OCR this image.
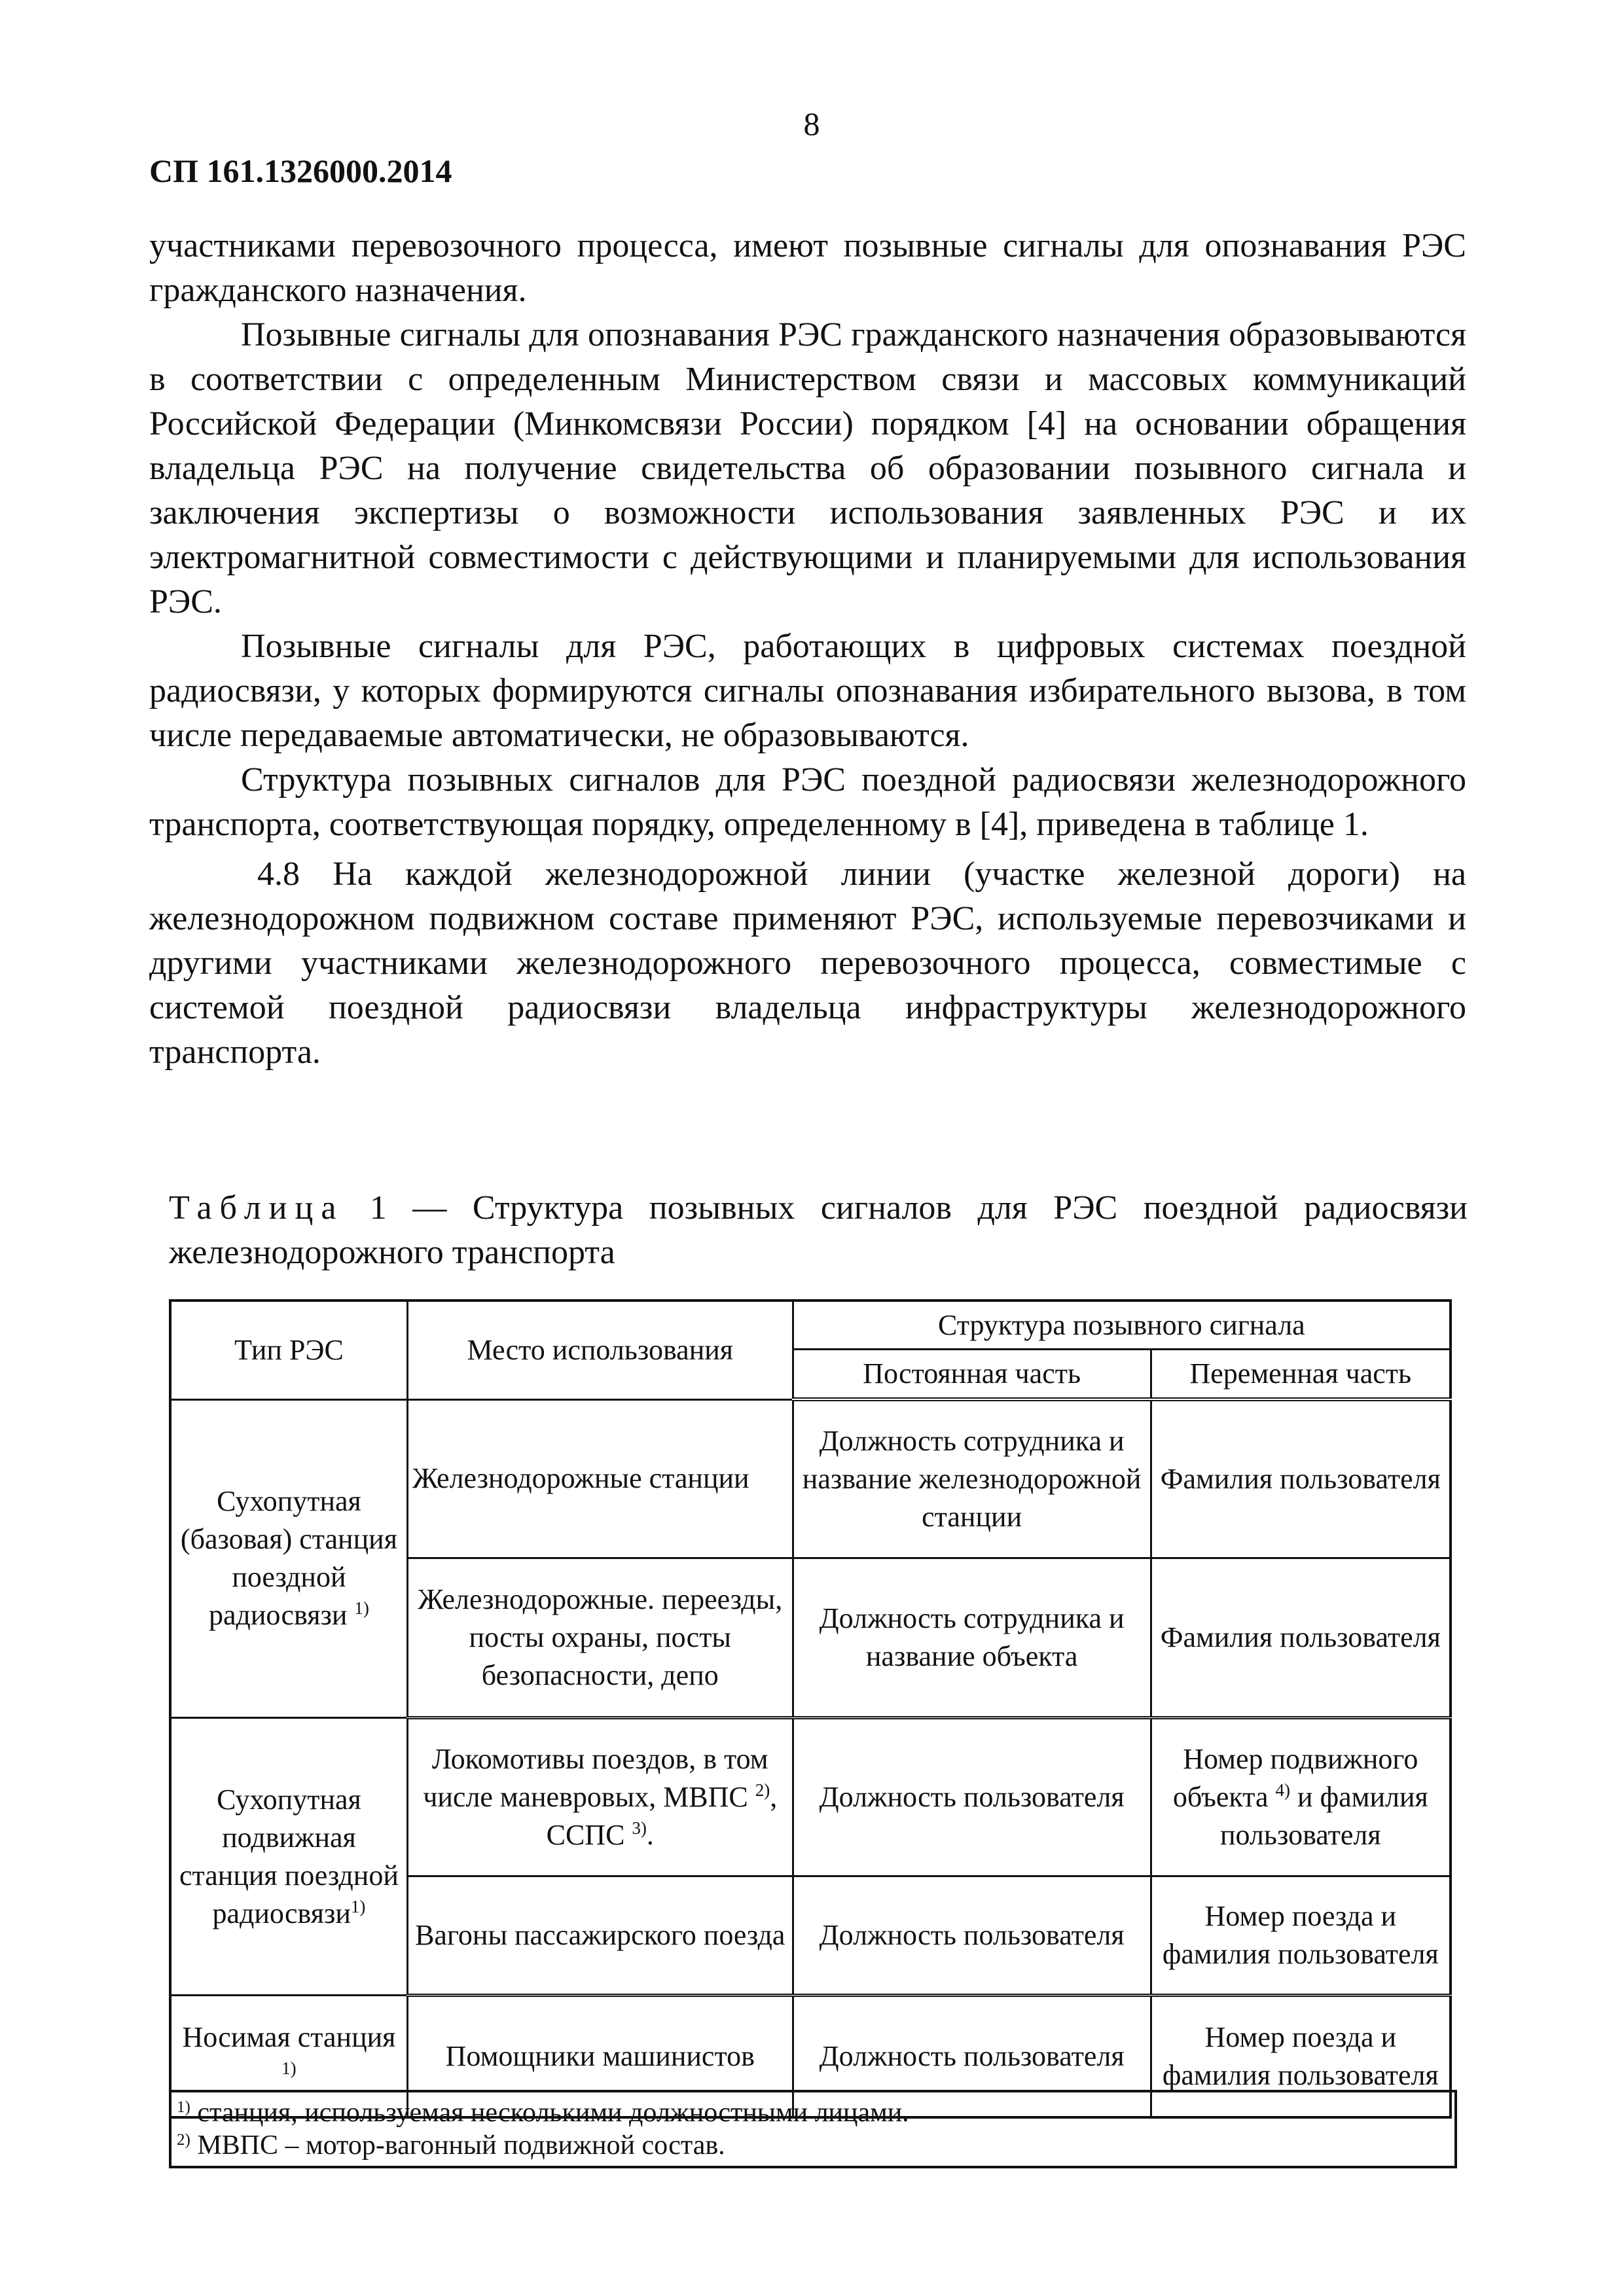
8
СП 161.1326000.2014

участниками перевозочного процесса, имеют позывные сигналы для опознавания РЭС гражданского назначения.

Позывные сигналы для опознавания РЭС гражданского назначения образовываются в соответствии с определенным Министерством связи и массовых коммуникаций Российской Федерации (Минкомсвязи России) порядком [4] на основании обращения владельца РЭС на получение свидетельства об образовании позывного сигнала и заключения экспертизы о возможности использования заявленных РЭС и их электромагнитной совместимости с действующими и планируемыми для использования РЭС.

Позывные сигналы для РЭС, работающих в цифровых системах поездной радиосвязи, у которых формируются сигналы опознавания избирательного вызова, в том числе передаваемые автоматически, не образовываются.

Структура позывных сигналов для РЭС поездной радиосвязи железнодорожного транспорта, соответствующая порядку, определенному в [4], приведена в таблице 1.

4.8 На каждой железнодорожной линии (участке железной дороги) на железнодорожном подвижном составе применяют РЭС, используемые перевозчиками и другими участниками железнодорожного перевозочного процесса, совместимые с системой поездной радиосвязи владельца инфраструктуры железнодорожного транспорта.

Таблица 1 — Структура позывных сигналов для РЭС поездной радиосвязи железнодорожного транспорта
Тип РЭС	Место использования	Структура позывного сигнала	
		Постоянная часть	Переменная часть
Сухопутная (базовая) станция поездной радиосвязи $^{1)}$	Железнодорожные станции	Должность сотрудника и название железнодорожной станции	Фамилия пользователя
	Железнодорожные. переезды, посты охраны, посты безопасности, депо	Должность сотрудника и название объекта	Фамилия пользователя
Сухопутная подвижная станция поездной радиосвязи$^{1)}$	Локомотивы поездов, в том числе маневровых, МВПС $^{2)}$, ССПС $^{3)}$.	Должность пользователя	Номер подвижного объекта $^{4)}$ и фамилия пользователя
	Вагоны пассажирского поезда	Должность пользователя	Номер поезда и фамилия пользователя
Носимая станция $^{1)}$	Помощники машинистов	Должность пользователя	Номер поезда и фамилия пользователя
$^{1)}$ станция, используемая несколькими должностными лицами.
$^{2)}$ МВПС – мотор-вагонный подвижной состав.
